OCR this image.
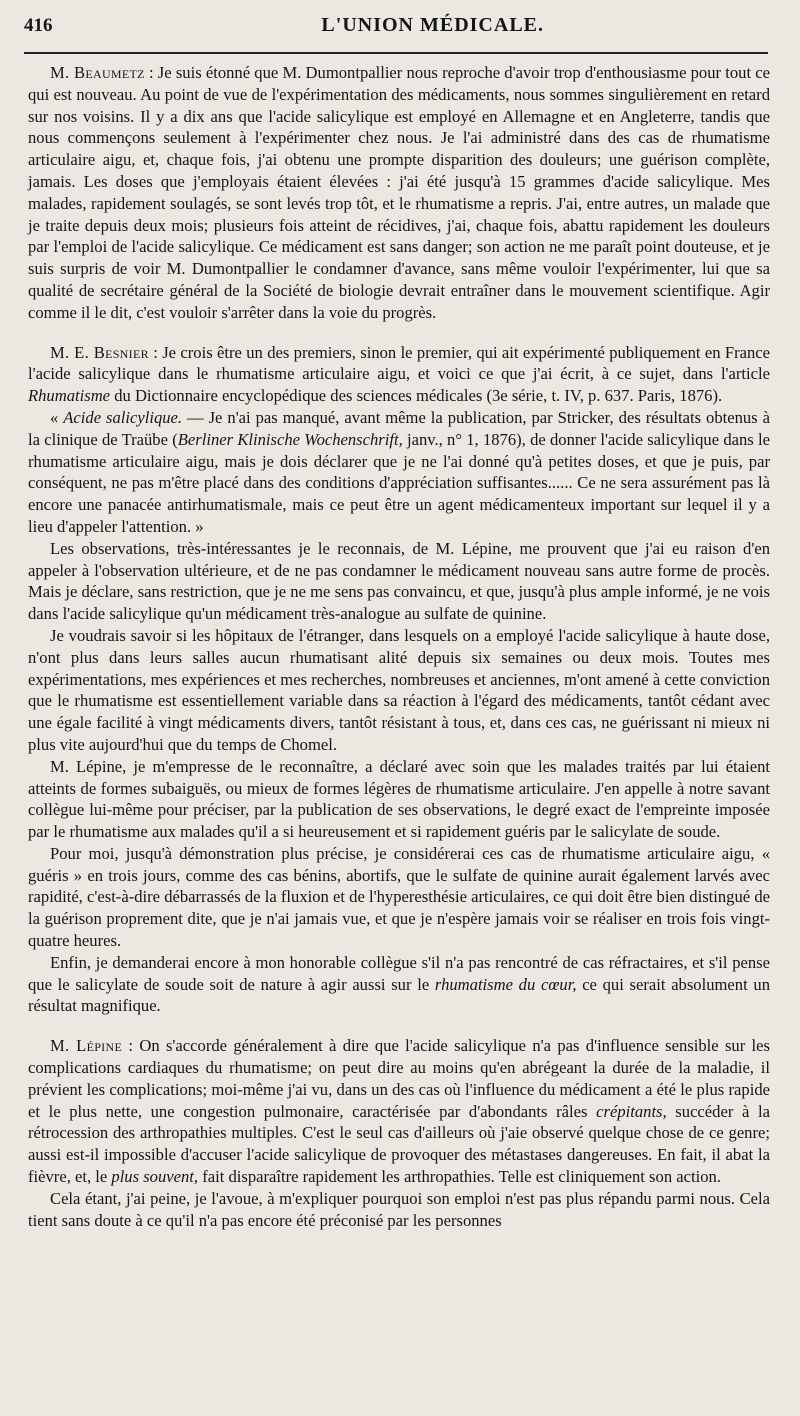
416	L'UNION MÉDICALE.

M. Beaumetz : Je suis étonné que M. Dumontpallier nous reproche d'avoir trop d'enthousiasme pour tout ce qui est nouveau. Au point de vue de l'expérimentation des médicaments, nous sommes singulièrement en retard sur nos voisins. Il y a dix ans que l'acide salicylique est employé en Allemagne et en Angleterre, tandis que nous commençons seulement à l'expérimenter chez nous. Je l'ai administré dans des cas de rhumatisme articulaire aigu, et, chaque fois, j'ai obtenu une prompte disparition des douleurs; une guérison complète, jamais. Les doses que j'employais étaient élevées : j'ai été jusqu'à 15 grammes d'acide salicylique. Mes malades, rapidement soulagés, se sont levés trop tôt, et le rhumatisme a repris. J'ai, entre autres, un malade que je traite depuis deux mois; plusieurs fois atteint de récidives, j'ai, chaque fois, abattu rapidement les douleurs par l'emploi de l'acide salicylique. Ce médicament est sans danger; son action ne me paraît point douteuse, et je suis surpris de voir M. Dumontpallier le condamner d'avance, sans même vouloir l'expérimenter, lui que sa qualité de secrétaire général de la Société de biologie devrait entraîner dans le mouvement scientifique. Agir comme il le dit, c'est vouloir s'arrêter dans la voie du progrès.

M. E. Besnier : Je crois être un des premiers, sinon le premier, qui ait expérimenté publiquement en France l'acide salicylique dans le rhumatisme articulaire aigu, et voici ce que j'ai écrit, à ce sujet, dans l'article Rhumatisme du Dictionnaire encyclopédique des sciences médicales (3e série, t. IV, p. 637. Paris, 1876).

« Acide salicylique. — Je n'ai pas manqué, avant même la publication, par Stricker, des résultats obtenus à la clinique de Traübe (Berliner Klinische Wochenschrift, janv., n° 1, 1876), de donner l'acide salicylique dans le rhumatisme articulaire aigu, mais je dois déclarer que je ne l'ai donné qu'à petites doses, et que je puis, par conséquent, ne pas m'être placé dans des conditions d'appréciation suffisantes...... Ce ne sera assurément pas là encore une panacée antirhumatismale, mais ce peut être un agent médicamenteux important sur lequel il y a lieu d'appeler l'attention. »

Les observations, très-intéressantes je le reconnais, de M. Lépine, me prouvent que j'ai eu raison d'en appeler à l'observation ultérieure, et de ne pas condamner le médicament nouveau sans autre forme de procès. Mais je déclare, sans restriction, que je ne me sens pas convaincu, et que, jusqu'à plus ample informé, je ne vois dans l'acide salicylique qu'un médicament très-analogue au sulfate de quinine.

Je voudrais savoir si les hôpitaux de l'étranger, dans lesquels on a employé l'acide salicylique à haute dose, n'ont plus dans leurs salles aucun rhumatisant alité depuis six semaines ou deux mois. Toutes mes expérimentations, mes expériences et mes recherches, nombreuses et anciennes, m'ont amené à cette conviction que le rhumatisme est essentiellement variable dans sa réaction à l'égard des médicaments, tantôt cédant avec une égale facilité à vingt médicaments divers, tantôt résistant à tous, et, dans ces cas, ne guérissant ni mieux ni plus vite aujourd'hui que du temps de Chomel.

M. Lépine, je m'empresse de le reconnaître, a déclaré avec soin que les malades traités par lui étaient atteints de formes subaiguës, ou mieux de formes légères de rhumatisme articulaire. J'en appelle à notre savant collègue lui-même pour préciser, par la publication de ses observations, le degré exact de l'empreinte imposée par le rhumatisme aux malades qu'il a si heureusement et si rapidement guéris par le salicylate de soude.

Pour moi, jusqu'à démonstration plus précise, je considérerai ces cas de rhumatisme articulaire aigu, « guéris » en trois jours, comme des cas bénins, abortifs, que le sulfate de quinine aurait également larvés avec rapidité, c'est-à-dire débarrassés de la fluxion et de l'hyperesthésie articulaires, ce qui doit être bien distingué de la guérison proprement dite, que je n'ai jamais vue, et que je n'espère jamais voir se réaliser en trois fois vingt-quatre heures.

Enfin, je demanderai encore à mon honorable collègue s'il n'a pas rencontré de cas réfractaires, et s'il pense que le salicylate de soude soit de nature à agir aussi sur le rhumatisme du cœur, ce qui serait absolument un résultat magnifique.

M. Lépine : On s'accorde généralement à dire que l'acide salicylique n'a pas d'influence sensible sur les complications cardiaques du rhumatisme; on peut dire au moins qu'en abrégeant la durée de la maladie, il prévient les complications; moi-même j'ai vu, dans un des cas où l'influence du médicament a été le plus rapide et le plus nette, une congestion pulmonaire, caractérisée par d'abondants râles crépitants, succéder à la rétrocession des arthropathies multiples. C'est le seul cas d'ailleurs où j'aie observé quelque chose de ce genre; aussi est-il impossible d'accuser l'acide salicylique de provoquer des métastases dangereuses. En fait, il abat la fièvre, et, le plus souvent, fait disparaître rapidement les arthropathies. Telle est cliniquement son action.

Cela étant, j'ai peine, je l'avoue, à m'expliquer pourquoi son emploi n'est pas plus répandu parmi nous. Cela tient sans doute à ce qu'il n'a pas encore été préconisé par les personnes
